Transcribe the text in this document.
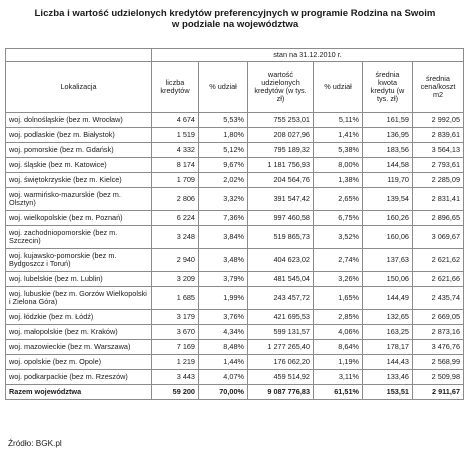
Liczba i wartość udzielonych kredytów preferencyjnych w programie Rodzina na Swoim
w podziale na województwa
	stan na 31.12.2010 r.					
Lokalizacja	liczba kredytów	% udział	wartość udzielonych kredytów (w tys. zł)	% udział	średnia kwota kredytu (w tys. zł)	średnia cena/koszt m2
woj. dolnośląskie (bez m. Wrocław)	4 674	5,53%	755 253,01	5,11%	161,59	2 992,05
woj. podlaskie (bez m. Białystok)	1 519	1,80%	208 027,96	1,41%	136,95	2 839,61
woj. pomorskie (bez m. Gdańsk)	4 332	5,12%	795 189,32	5,38%	183,56	3 564,13
woj. śląskie (bez m. Katowice)	8 174	9,67%	1 181 756,93	8,00%	144,58	2 793,61
woj. świętokrzyskie (bez m. Kielce)	1 709	2,02%	204 564,76	1,38%	119,70	2 285,09
woj. warmińsko-mazurskie (bez m. Olsztyn)	2 806	3,32%	391 547,42	2,65%	139,54	2 831,41
woj. wielkopolskie (bez m. Poznań)	6 224	7,36%	997 460,58	6,75%	160,26	2 896,65
woj. zachodniopomorskie (bez m. Szczecin)	3 248	3,84%	519 865,73	3,52%	160,06	3 069,67
woj. kujawsko-pomorskie (bez m. Bydgoszcz i Toruń)	2 940	3,48%	404 623,02	2,74%	137,63	2 621,62
woj. lubelskie (bez m. Lublin)	3 209	3,79%	481 545,04	3,26%	150,06	2 621,66
woj. lubuskie (bez m. Gorzów Wielkopolski i Zielona Góra)	1 685	1,99%	243 457,72	1,65%	144,49	2 435,74
woj. łódzkie (bez m. Łódź)	3 179	3,76%	421 695,53	2,85%	132,65	2 669,05
woj. małopolskie (bez m. Kraków)	3 670	4,34%	599 131,57	4,06%	163,25	2 873,16
woj. mazowieckie (bez m. Warszawa)	7 169	8,48%	1 277 265,40	8,64%	178,17	3 476,76
woj. opolskie (bez m. Opole)	1 219	1,44%	176 062,20	1,19%	144,43	2 568,99
woj. podkarpackie (bez m. Rzeszów)	3 443	4,07%	459 514,92	3,11%	133,46	2 509,98
Razem województwa	59 200	70,00%	9 087 776,83	61,51%	153,51	2 911,67
Źródło: BGK.pl
